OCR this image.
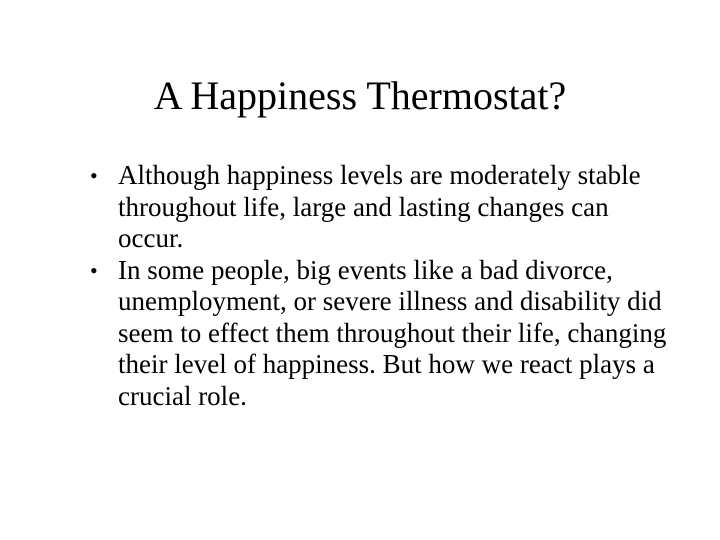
A Happiness Thermostat?
• Although happiness levels are moderately stable throughout life, large and lasting changes can occur.
• In some people, big events like a bad divorce, unemployment, or severe illness and disability did seem to effect them throughout their life, changing their level of happiness. But how we react plays a crucial role.
